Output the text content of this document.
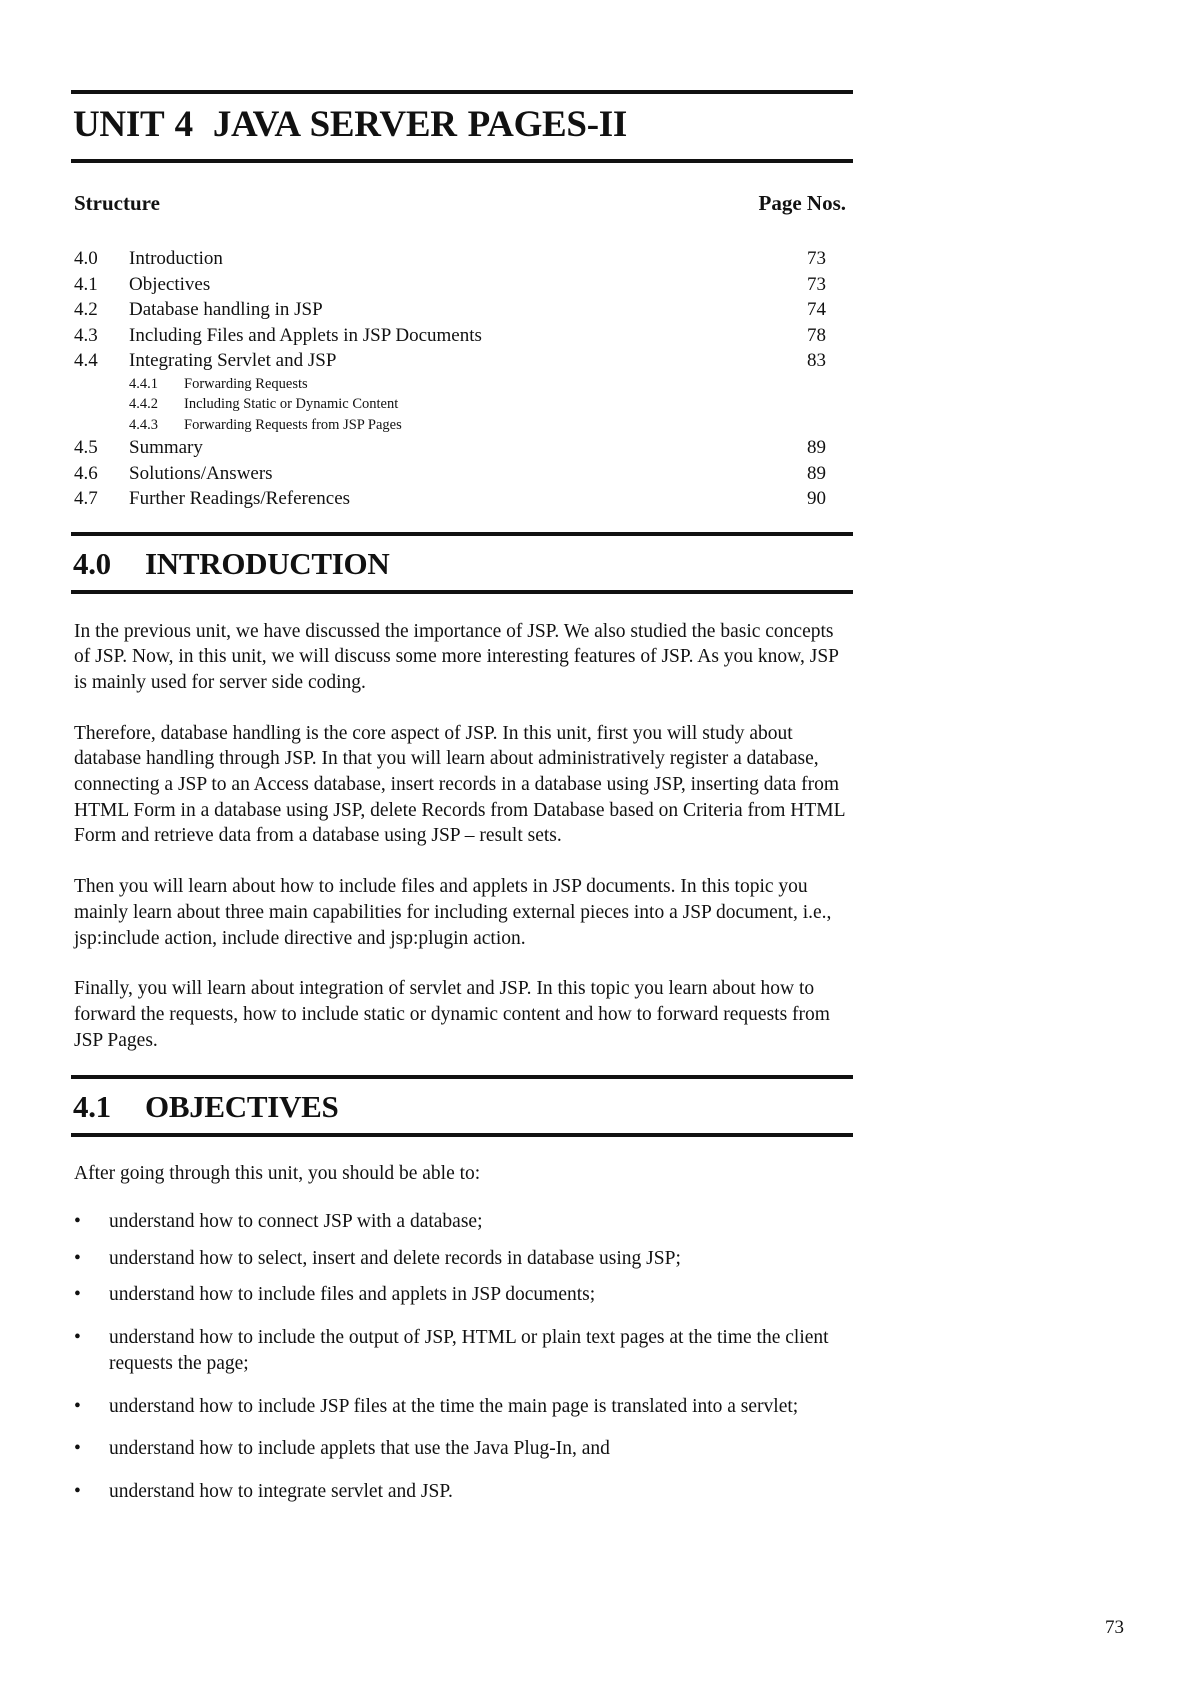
UNIT 4 JAVA SERVER PAGES-II
Structure	Page Nos.
4.0	Introduction	73
4.1	Objectives	73
4.2	Database handling in JSP	74
4.3	Including Files and Applets in JSP Documents	78
4.4	Integrating Servlet and JSP	83
4.4.1	Forwarding Requests
4.4.2	Including Static or Dynamic Content
4.4.3	Forwarding Requests from JSP Pages
4.5	Summary	89
4.6	Solutions/Answers	89
4.7	Further Readings/References	90
4.0 INTRODUCTION

In the previous unit, we have discussed the importance of JSP. We also studied the basic concepts of JSP. Now, in this unit, we will discuss some more interesting features of JSP. As you know, JSP is mainly used for server side coding.

Therefore, database handling is the core aspect of JSP. In this unit, first you will study about database handling through JSP. In that you will learn about administratively register a database, connecting a JSP to an Access database, insert records in a database using JSP, inserting data from HTML Form in a database using JSP, delete Records from Database based on Criteria from HTML Form and retrieve data from a database using JSP – result sets.

Then you will learn about how to include files and applets in JSP documents. In this topic you mainly learn about three main capabilities for including external pieces into a JSP document, i.e., jsp:include action, include directive and jsp:plugin action.

Finally, you will learn about integration of servlet and JSP. In this topic you learn about how to forward the requests, how to include static or dynamic content and how to forward requests from JSP Pages.

4.1 OBJECTIVES

After going through this unit, you should be able to:

• understand how to connect JSP with a database;
• understand how to select, insert and delete records in database using JSP;
• understand how to include files and applets in JSP documents;
• understand how to include the output of JSP, HTML or plain text pages at the time the client requests the page;
• understand how to include JSP files at the time the main page is translated into a servlet;
• understand how to include applets that use the Java Plug-In, and
• understand how to integrate servlet and JSP.
73
